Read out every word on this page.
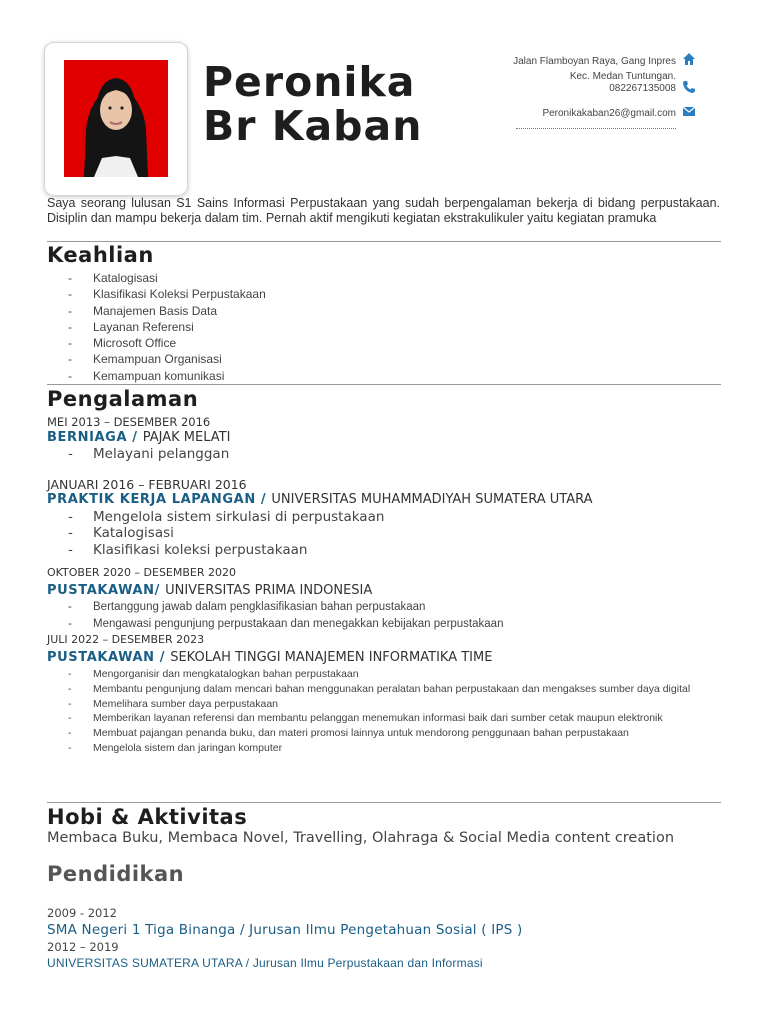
Peronika
Br Kaban
Jalan Flamboyan Raya, Gang Inpres Kec. Medan Tuntungan.
082267135008
Peronikakaban26@gmail.com

Saya seorang lulusan S1 Sains Informasi Perpustakaan yang sudah berpengalaman bekerja di bidang perpustakaan. Disiplin dan mampu bekerja dalam tim. Pernah aktif mengikuti kegiatan ekstrakulikuler yaitu kegiatan pramuka

Keahlian
- Katalogisasi
- Klasifikasi Koleksi Perpustakaan
- Manajemen Basis Data
- Layanan Referensi
- Microsoft Office
- Kemampuan Organisasi
- Kemampuan komunikasi
Pengalaman
MEI 2013 – DESEMBER 2016
BERNIAGA / PAJAK MELATI
- Melayani pelanggan
JANUARI 2016 – FEBRUARI 2016
PRAKTIK KERJA LAPANGAN / UNIVERSITAS MUHAMMADIYAH SUMATERA UTARA
- Mengelola sistem sirkulasi di perpustakaan
- Katalogisasi
- Klasifikasi koleksi perpustakaan
OKTOBER 2020 – DESEMBER 2020
PUSTAKAWAN/ UNIVERSITAS PRIMA INDONESIA
- Bertanggung jawab dalam pengklasifikasian bahan perpustakaan
- Mengawasi pengunjung perpustakaan dan menegakkan kebijakan perpustakaan
JULI 2022 – DESEMBER 2023
PUSTAKAWAN / SEKOLAH TINGGI MANAJEMEN INFORMATIKA TIME
- Mengorganisir dan mengkatalogkan bahan perpustakaan
- Membantu pengunjung dalam mencari bahan menggunakan peralatan bahan perpustakaan dan mengakses sumber daya digital
- Memelihara sumber daya perpustakaan
- Memberikan layanan referensi dan membantu pelanggan menemukan informasi baik dari sumber cetak maupun elektronik
- Membuat pajangan penanda buku, dan materi promosi lainnya untuk mendorong penggunaan bahan perpustakaan
- Mengelola sistem dan jaringan komputer
Hobi & Aktivitas
Membaca Buku, Membaca Novel, Travelling, Olahraga & Social Media content creation
Pendidikan
2009 - 2012
SMA Negeri 1 Tiga Binanga / Jurusan Ilmu Pengetahuan Sosial ( IPS )
2012 – 2019
UNIVERSITAS SUMATERA UTARA / Jurusan Ilmu Perpustakaan dan Informasi
